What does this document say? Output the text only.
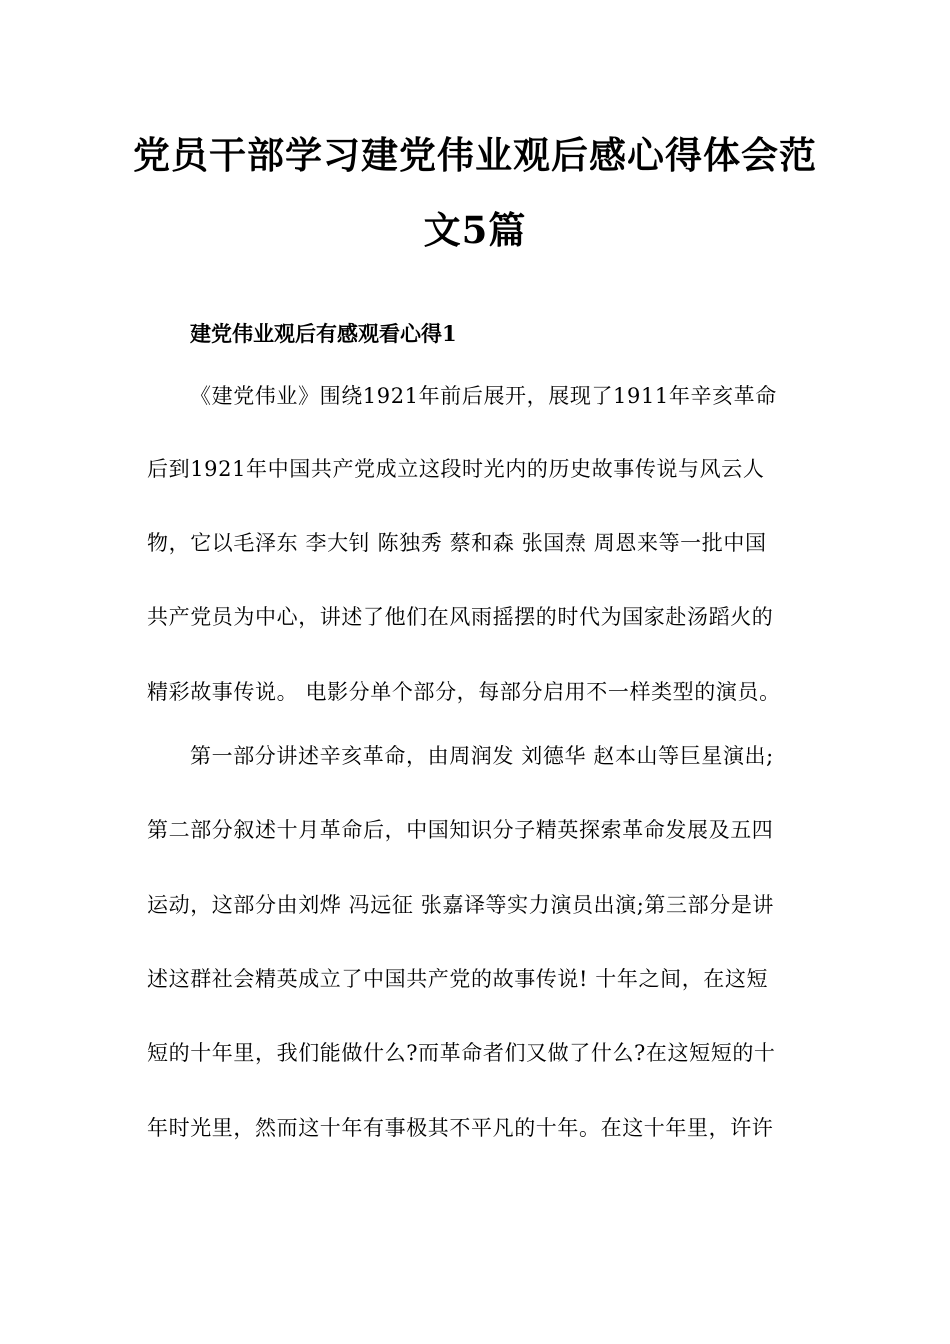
党员干部学习建党伟业观后感心得体会范
文5篇
建党伟业观后有感观看心得1
《建党伟业》围绕1921年前后展开，展现了1911年辛亥革命
后到1921年中国共产党成立这段时光内的历史故事传说与风云人
物，它以毛泽东 李大钊 陈独秀 蔡和森 张国焘 周恩来等一批中国
共产党员为中心，讲述了他们在风雨摇摆的时代为国家赴汤蹈火的
精彩故事传说。 电影分单个部分，每部分启用不一样类型的演员。
第一部分讲述辛亥革命，由周润发 刘德华 赵本山等巨星演出;
第二部分叙述十月革命后，中国知识分子精英探索革命发展及五四
运动，这部分由刘烨 冯远征 张嘉译等实力演员出演;第三部分是讲
述这群社会精英成立了中国共产党的故事传说! 十年之间，在这短
短的十年里，我们能做什么?而革命者们又做了什么?在这短短的十
年时光里，然而这十年有事极其不平凡的十年。在这十年里，许许
